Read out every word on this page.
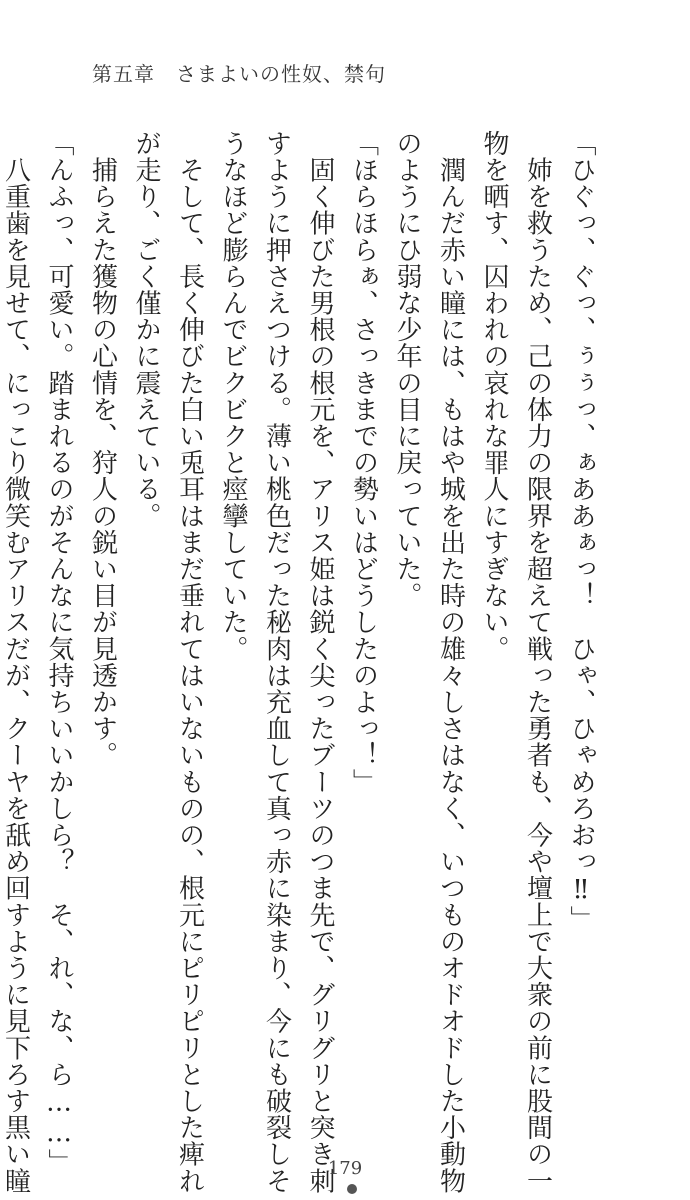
第五章　さまよいの性奴、禁句

「ひぐっ、ぐっ、ぅぅっ、ぁああぁっ！　ひゃ、ひゃめろおっ‼」

　姉を救うため、己の体力の限界を超えて戦った勇者も、今や壇上で大衆の前に股間の一

物を晒す、囚われの哀れな罪人にすぎない。

　潤んだ赤い瞳には、もはや城を出た時の雄々しさはなく、いつものオドオドした小動物

のようにひ弱な少年の目に戻っていた。

「ほらほらぁ、さっきまでの勢いはどうしたのよっ！」

　固く伸びた男根の根元を、アリス姫は鋭く尖ったブーツのつま先で、グリグリと突き刺

すように押さえつける。薄い桃色だった秘肉は充血して真っ赤に染まり、今にも破裂しそ

うなほど膨らんでビクビクと痙攣していた。

　そして、長く伸びた白い兎耳はまだ垂れてはいないものの、根元にピリピリとした痺れ

が走り、ごく僅かに震えている。

　捕らえた獲物の心情を、狩人の鋭い目が見透かす。

「んふっ、可愛い。踏まれるのがそんなに気持ちいいかしら？　そ、れ、な、ら……」

　八重歯を見せて、にっこり微笑むアリスだが、クーヤを舐め回すように見下ろす黒い瞳	179
